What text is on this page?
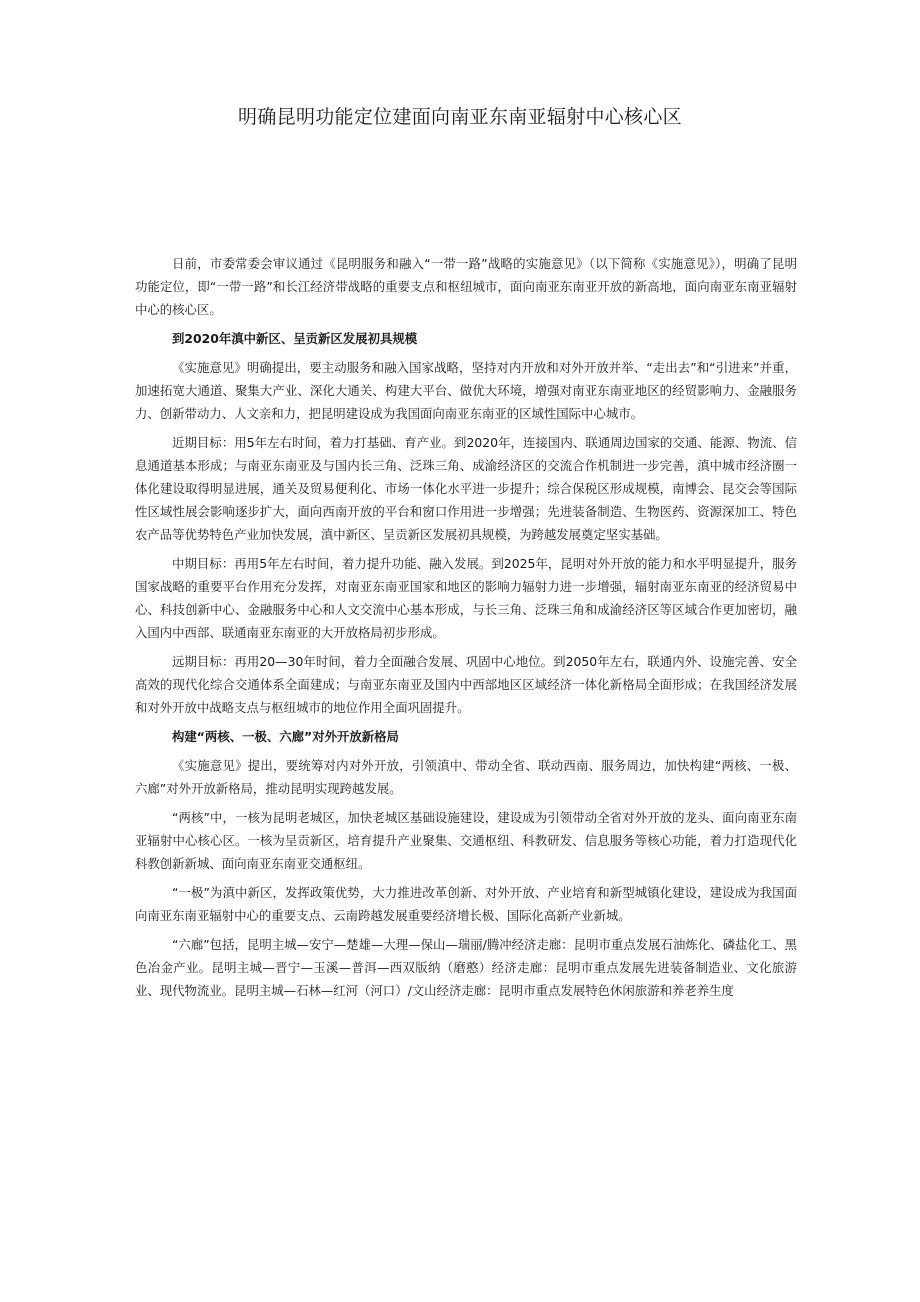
明确昆明功能定位建面向南亚东南亚辐射中心核心区

日前，市委常委会审议通过《昆明服务和融入“一带一路”战略的实施意见》（以下简称《实施意见》），明确了昆明功能定位，即“一带一路”和长江经济带战略的重要支点和枢纽城市，面向南亚东南亚开放的新高地，面向南亚东南亚辐射中心的核心区。

到2020年滇中新区、呈贡新区发展初具规模

《实施意见》明确提出，要主动服务和融入国家战略，坚持对内开放和对外开放并举、“走出去”和“引进来”并重，加速拓宽大通道、聚集大产业、深化大通关、构建大平台、做优大环境，增强对南亚东南亚地区的经贸影响力、金融服务力、创新带动力、人文亲和力，把昆明建设成为我国面向南亚东南亚的区域性国际中心城市。

近期目标：用5年左右时间，着力打基础、育产业。到2020年，连接国内、联通周边国家的交通、能源、物流、信息通道基本形成；与南亚东南亚及与国内长三角、泛珠三角、成渝经济区的交流合作机制进一步完善，滇中城市经济圈一体化建设取得明显进展，通关及贸易便利化、市场一体化水平进一步提升；综合保税区形成规模，南博会、昆交会等国际性区域性展会影响逐步扩大，面向西南开放的平台和窗口作用进一步增强；先进装备制造、生物医药、资源深加工、特色农产品等优势特色产业加快发展，滇中新区、呈贡新区发展初具规模，为跨越发展奠定坚实基础。

中期目标：再用5年左右时间，着力提升功能、融入发展。到2025年，昆明对外开放的能力和水平明显提升，服务国家战略的重要平台作用充分发挥，对南亚东南亚国家和地区的影响力辐射力进一步增强，辐射南亚东南亚的经济贸易中心、科技创新中心、金融服务中心和人文交流中心基本形成，与长三角、泛珠三角和成渝经济区等区域合作更加密切，融入国内中西部、联通南亚东南亚的大开放格局初步形成。

远期目标：再用20—30年时间，着力全面融合发展、巩固中心地位。到2050年左右，联通内外、设施完善、安全高效的现代化综合交通体系全面建成；与南亚东南亚及国内中西部地区区域经济一体化新格局全面形成；在我国经济发展和对外开放中战略支点与枢纽城市的地位作用全面巩固提升。

构建“两核、一极、六廊”对外开放新格局

《实施意见》提出，要统筹对内对外开放，引领滇中、带动全省、联动西南、服务周边，加快构建“两核、一极、六廊”对外开放新格局，推动昆明实现跨越发展。

“两核”中，一核为昆明老城区，加快老城区基础设施建设，建设成为引领带动全省对外开放的龙头、面向南亚东南亚辐射中心核心区。一核为呈贡新区，培育提升产业聚集、交通枢纽、科教研发、信息服务等核心功能，着力打造现代化科教创新新城、面向南亚东南亚交通枢纽。

“一极”为滇中新区，发挥政策优势，大力推进改革创新、对外开放、产业培育和新型城镇化建设，建设成为我国面向南亚东南亚辐射中心的重要支点、云南跨越发展重要经济增长极、国际化高新产业新城。

“六廊”包括，昆明主城—安宁—楚雄—大理—保山—瑞丽/腾冲经济走廊：昆明市重点发展石油炼化、磷盐化工、黑色冶金产业。昆明主城—晋宁—玉溪—普洱—西双版纳（磨憨）经济走廊：昆明市重点发展先进装备制造业、文化旅游业、现代物流业。昆明主城—石林—红河（河口）/文山经济走廊：昆明市重点发展特色休闲旅游和养老养生度
